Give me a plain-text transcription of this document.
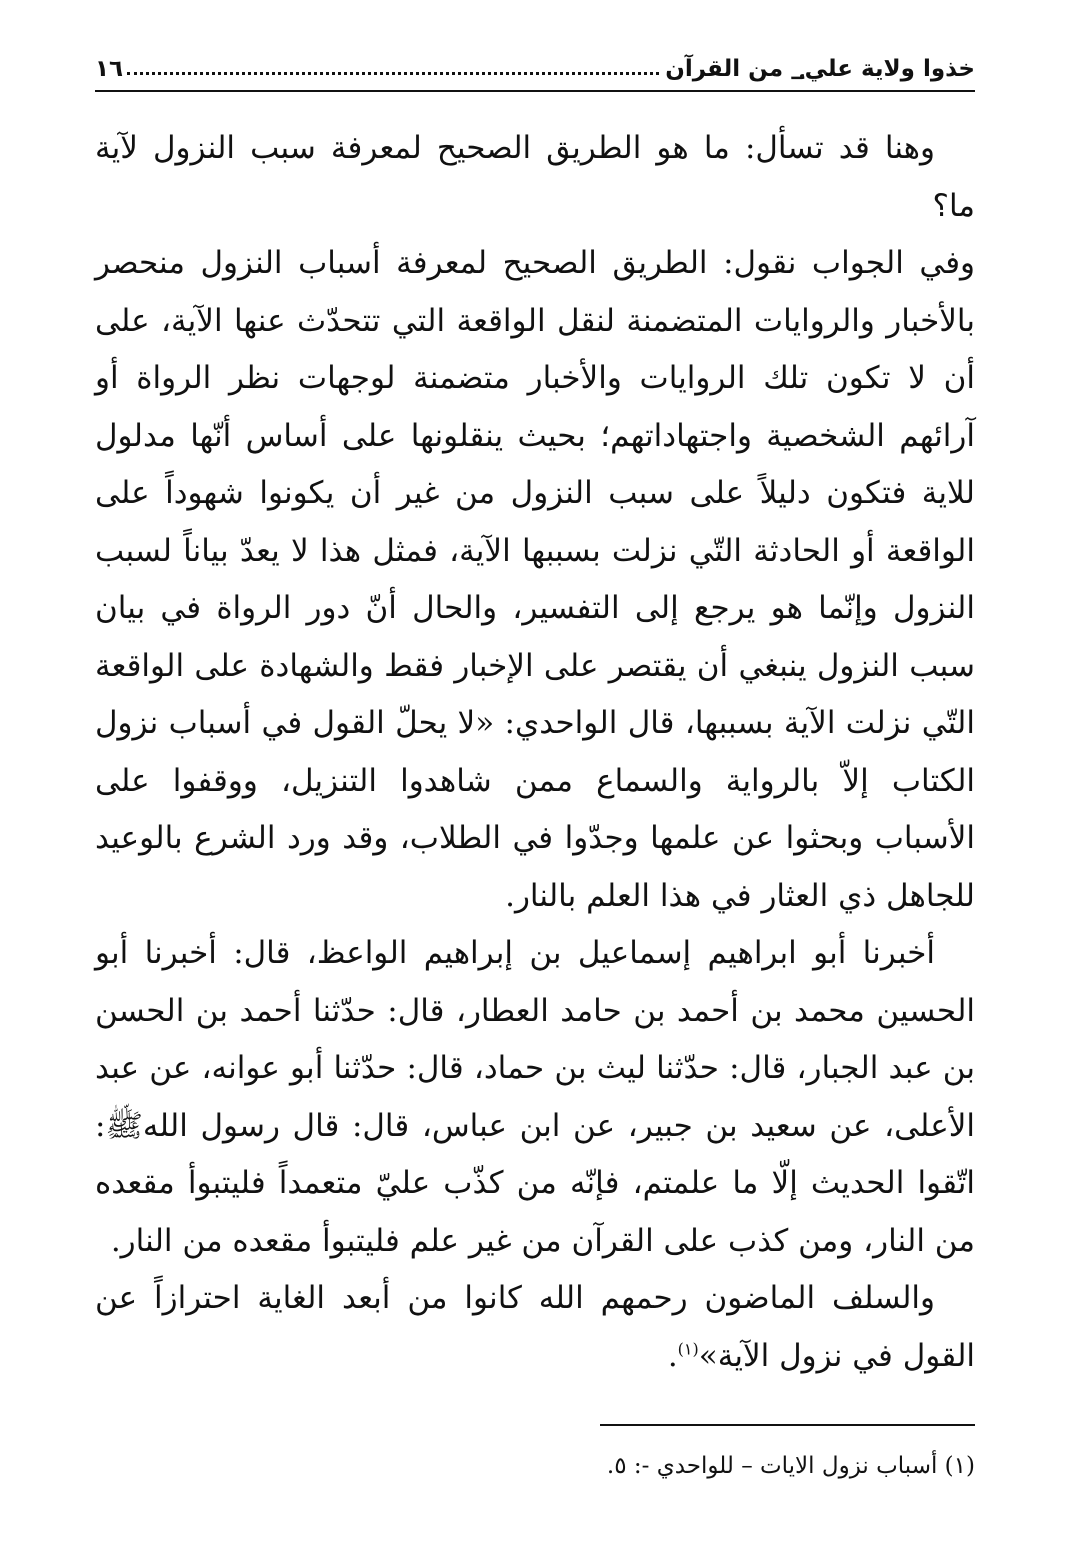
خذوا ولاية علي؀ من القرآن
١٦

وهنا قد تسأل: ما هو الطريق الصحيح لمعرفة سبب النزول لآية ما؟

وفي الجواب نقول: الطريق الصحيح لمعرفة أسباب النزول منحصر بالأخبار والروايات المتضمنة لنقل الواقعة التي تتحدّث عنها الآية، على أن لا تكون تلك الروايات والأخبار متضمنة لوجهات نظر الرواة أو آرائهم الشخصية واجتهاداتهم؛ بحيث ينقلونها على أساس أنّها مدلول للاية فتكون دليلاً على سبب النزول من غير أن يكونوا شهوداً على الواقعة أو الحادثة التّي نزلت بسببها الآية، فمثل هذا لا يعدّ بياناً لسبب النزول وإنّما هو يرجع إلى التفسير، والحال أنّ دور الرواة في بيان سبب النزول ينبغي أن يقتصر على الإخبار فقط والشهادة على الواقعة التّي نزلت الآية بسببها، قال الواحدي: «لا يحلّ القول في أسباب نزول الكتاب إلاّ بالرواية والسماع ممن شاهدوا التنزيل، ووقفوا على الأسباب وبحثوا عن علمها وجدّوا في الطلاب، وقد ورد الشرع بالوعيد للجاهل ذي العثار في هذا العلم بالنار.

أخبرنا أبو ابراهيم إسماعيل بن إبراهيم الواعظ، قال: أخبرنا أبو الحسين محمد بن أحمد بن حامد العطار، قال: حدّثنا أحمد بن الحسن بن عبد الجبار، قال: حدّثنا ليث بن حماد، قال: حدّثنا أبو عوانه، عن عبد الأعلى، عن سعيد بن جبير، عن ابن عباس، قال: قال رسول اللهﷺ: اتّقوا الحديث إلّا ما علمتم، فإنّه من كذّب عليّ متعمداً فليتبوأ مقعده من النار، ومن كذب على القرآن من غير علم فليتبوأ مقعده من النار.

والسلف الماضون رحمهم الله كانوا من أبعد الغاية احترازاً عن القول في نزول الآية»$^{(١)}$.

(١) أسباب نزول الايات – للواحدي -: ٥.
